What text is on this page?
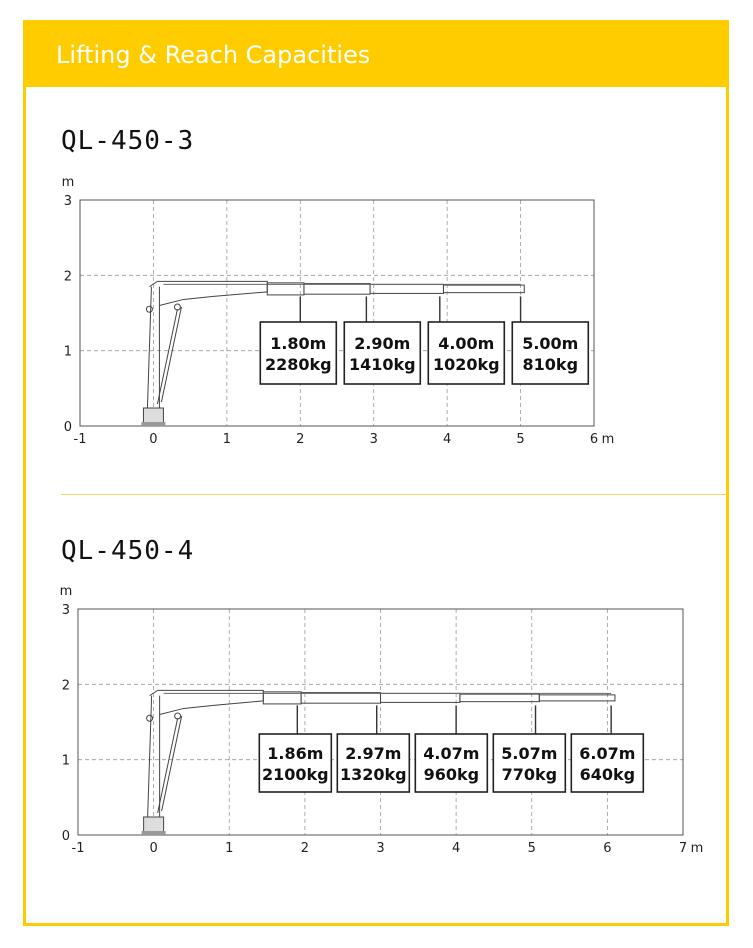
Lifting & Reach Capacities
QL-450-3
QL-450-4
-1	0	1	2	3	4	5	6
0
1
2
3
m
m
1.80m
2280kg
2.90m
1410kg
4.00m
1020kg
5.00m
810kg
-1	0	1	2	3	4	5	6	7
0
1
2
3
m
m
1.86m
2100kg
2.97m
1320kg
4.07m
960kg
5.07m
770kg
6.07m
640kg
